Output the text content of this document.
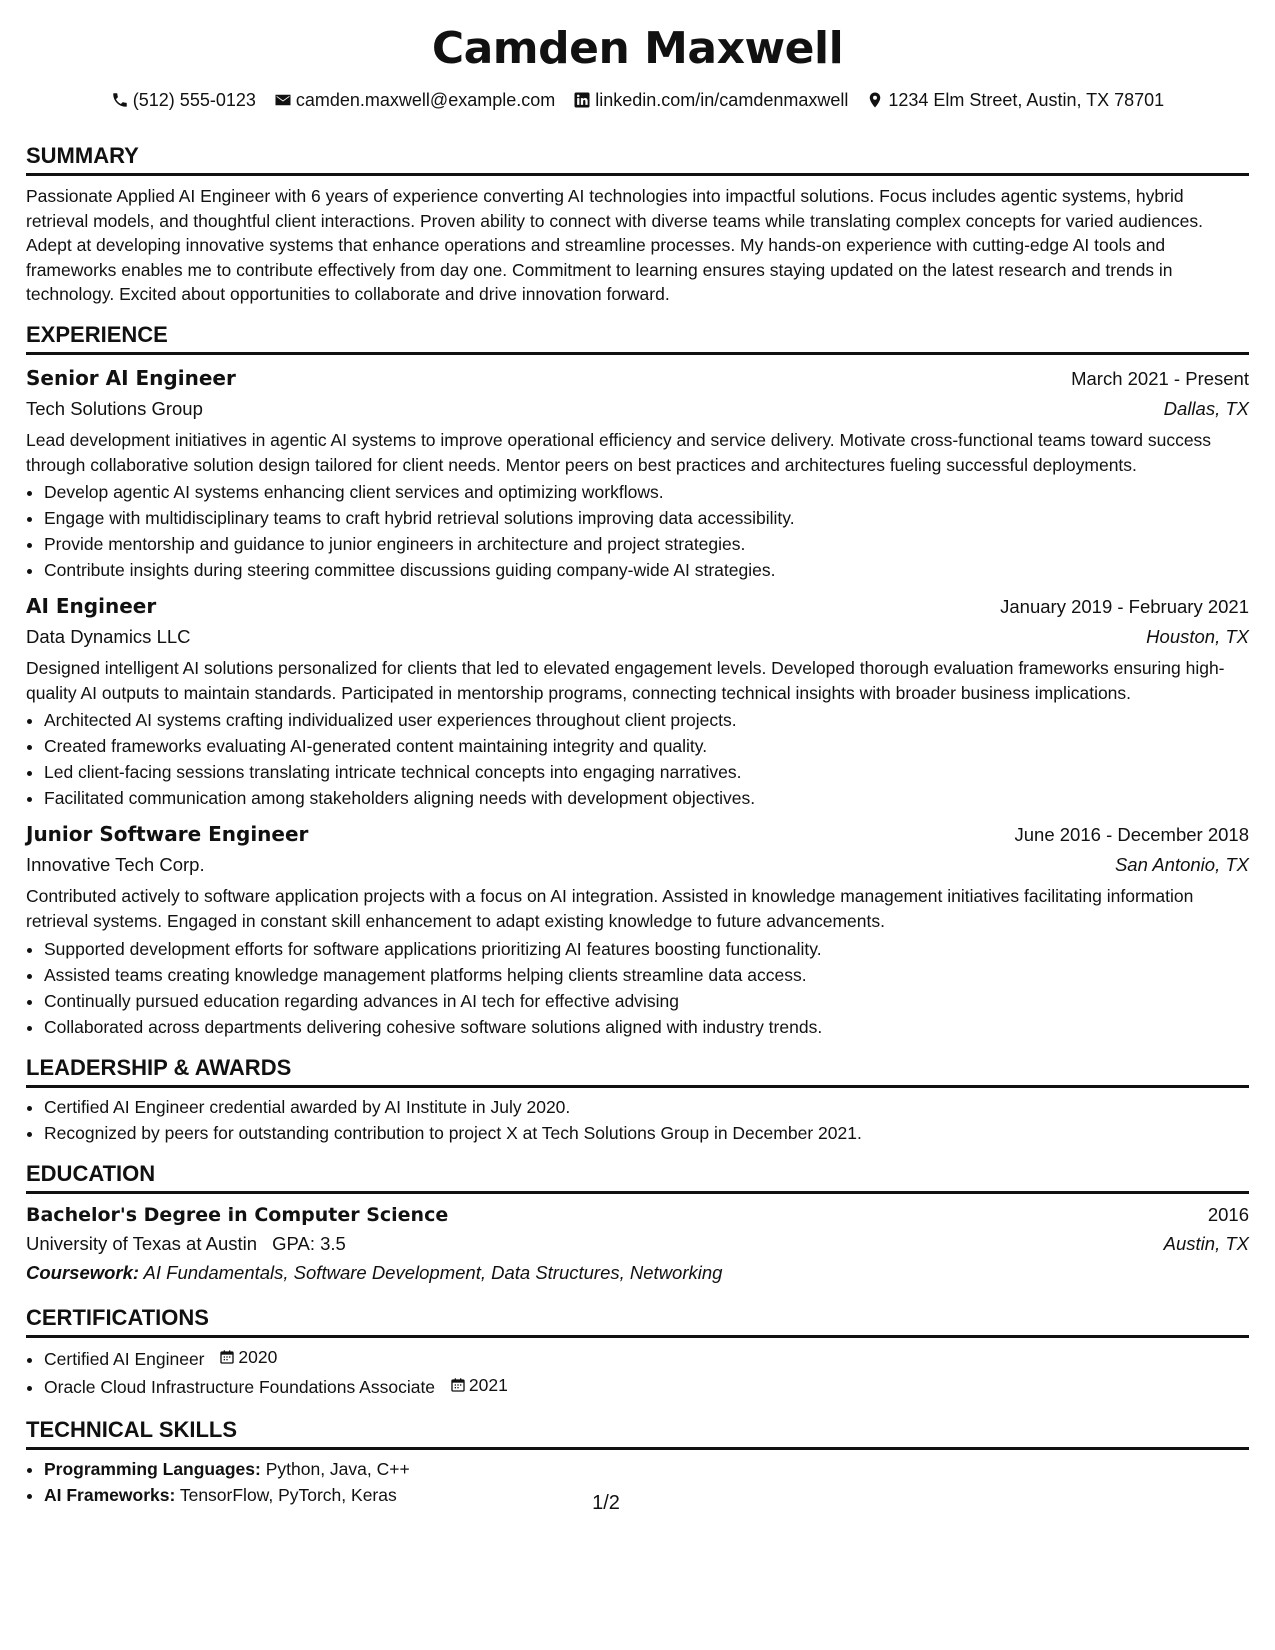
Camden Maxwell
(512) 555-0123 camden.maxwell@example.com linkedin.com/in/camdenmaxwell 1234 Elm Street, Austin, TX 78701
SUMMARY

Passionate Applied AI Engineer with 6 years of experience converting AI technologies into impactful solutions. Focus includes agentic systems, hybrid retrieval models, and thoughtful client interactions. Proven ability to connect with diverse teams while translating complex concepts for varied audiences. Adept at developing innovative systems that enhance operations and streamline processes. My hands-on experience with cutting-edge AI tools and frameworks enables me to contribute effectively from day one. Commitment to learning ensures staying updated on the latest research and trends in technology. Excited about opportunities to collaborate and drive innovation forward.

EXPERIENCE
Senior AI Engineer	March 2021 - Present
Tech Solutions Group	Dallas, TX

Lead development initiatives in agentic AI systems to improve operational efficiency and service delivery. Motivate cross-functional teams toward success through collaborative solution design tailored for client needs. Mentor peers on best practices and architectures fueling successful deployments.

• Develop agentic AI systems enhancing client services and optimizing workflows.
• Engage with multidisciplinary teams to craft hybrid retrieval solutions improving data accessibility.
• Provide mentorship and guidance to junior engineers in architecture and project strategies.
• Contribute insights during steering committee discussions guiding company-wide AI strategies.
AI Engineer	January 2019 - February 2021
Data Dynamics LLC	Houston, TX

Designed intelligent AI solutions personalized for clients that led to elevated engagement levels. Developed thorough evaluation frameworks ensuring high-quality AI outputs to maintain standards. Participated in mentorship programs, connecting technical insights with broader business implications.

• Architected AI systems crafting individualized user experiences throughout client projects.
• Created frameworks evaluating AI-generated content maintaining integrity and quality.
• Led client-facing sessions translating intricate technical concepts into engaging narratives.
• Facilitated communication among stakeholders aligning needs with development objectives.
Junior Software Engineer	June 2016 - December 2018
Innovative Tech Corp.	San Antonio, TX

Contributed actively to software application projects with a focus on AI integration. Assisted in knowledge management initiatives facilitating information retrieval systems. Engaged in constant skill enhancement to adapt existing knowledge to future advancements.

• Supported development efforts for software applications prioritizing AI features boosting functionality.
• Assisted teams creating knowledge management platforms helping clients streamline data access.
• Continually pursued education regarding advances in AI tech for effective advising
• Collaborated across departments delivering cohesive software solutions aligned with industry trends.
LEADERSHIP & AWARDS
• Certified AI Engineer credential awarded by AI Institute in July 2020.
• Recognized by peers for outstanding contribution to project X at Tech Solutions Group in December 2021.
EDUCATION
Bachelor's Degree in Computer Science	2016
University of Texas at Austin GPA: 3.5	Austin, TX
Coursework: AI Fundamentals, Software Development, Data Structures, Networking
CERTIFICATIONS
• Certified AI Engineer 2020
• Oracle Cloud Infrastructure Foundations Associate 2021
TECHNICAL SKILLS
• Programming Languages: Python, Java, C++
• AI Frameworks: TensorFlow, PyTorch, Keras	1/2
